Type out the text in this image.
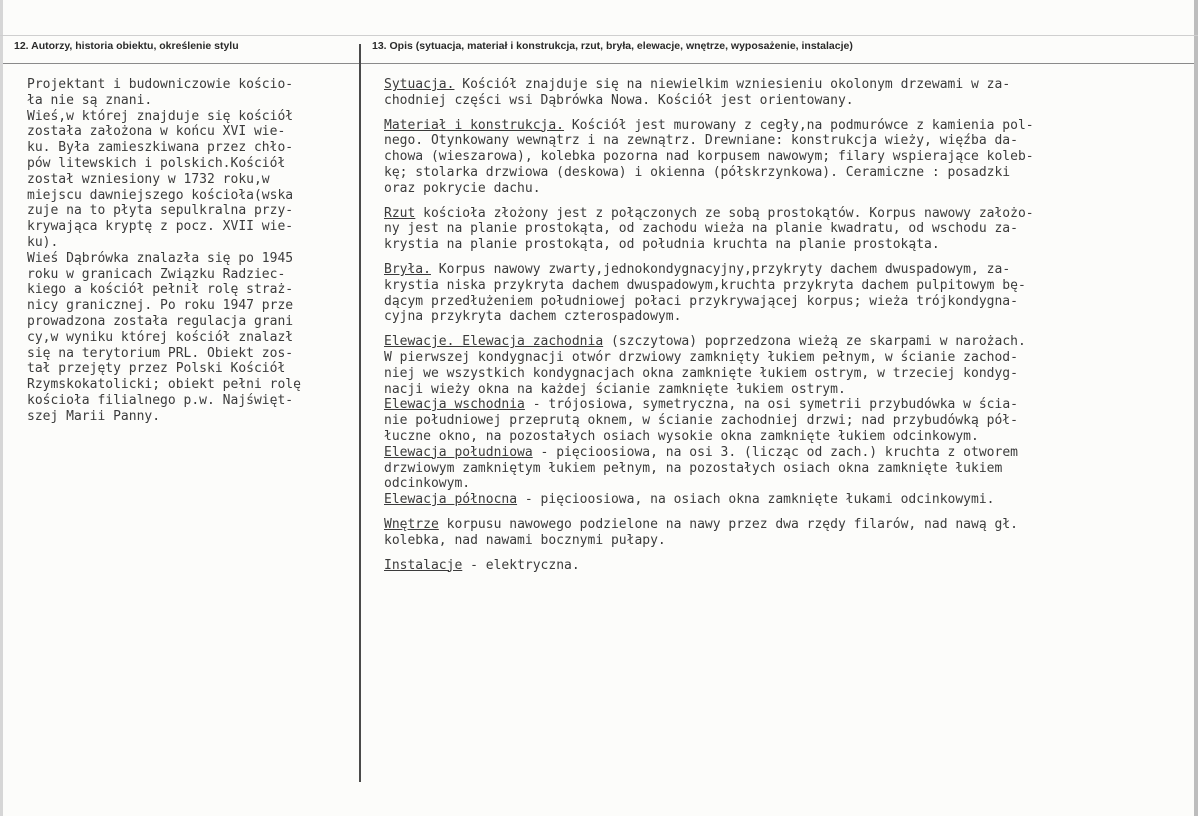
12. Autorzy, historia obiektu, określenie stylu	13. Opis (sytuacja, materiał i konstrukcja, rzut, bryła, elewacje, wnętrze, wyposażenie, instalacje)
Projektant i budowniczowie kościo-
ła nie są znani.
Wieś,w której znajduje się kościół
została założona w końcu XVI wie-
ku. Była zamieszkiwana przez chło-
pów litewskich i polskich.Kościół
został wzniesiony w 1732 roku,w
miejscu dawniejszego kościoła(wska
zuje na to płyta sepulkralna przy-
krywająca kryptę z pocz. XVII wie-
ku).
Wieś Dąbrówka znalazła się po 1945
roku w granicach Związku Radziec-
kiego a kościół pełnił rolę straż-
nicy granicznej. Po roku 1947 prze
prowadzona została regulacja grani
cy,w wyniku której kościół znalazł
się na terytorium PRL. Obiekt zos-
tał przejęty przez Polski Kościół
Rzymskokatolicki; obiekt pełni rolę
kościoła filialnego p.w. Najświęt-
szej Marii Panny.
Sytuacja. Kościół znajduje się na niewielkim wzniesieniu okolonym drzewami w za-
chodniej części wsi Dąbrówka Nowa. Kościół jest orientowany.
Materiał i konstrukcja. Kościół jest murowany z cegły,na podmurówce z kamienia pol-
nego. Otynkowany wewnątrz i na zewnątrz. Drewniane: konstrukcja wieży, więźba da-
chowa (wieszarowa), kolebka pozorna nad korpusem nawowym; filary wspierające koleb-
kę; stolarka drzwiowa (deskowa) i okienna (półskrzynkowa). Ceramiczne : posadzki
oraz pokrycie dachu.
Rzut kościoła złożony jest z połączonych ze sobą prostokątów. Korpus nawowy założo-
ny jest na planie prostokąta, od zachodu wieża na planie kwadratu, od wschodu za-
krystia na planie prostokąta, od południa kruchta na planie prostokąta.
Bryła. Korpus nawowy zwarty,jednokondygnacyjny,przykryty dachem dwuspadowym, za-
krystia niska przykryta dachem dwuspadowym,kruchta przykryta dachem pulpitowym bę-
dącym przedłużeniem południowej połaci przykrywającej korpus; wieża trójkondygna-
cyjna przykryta dachem czterospadowym.
Elewacje. Elewacja zachodnia (szczytowa) poprzedzona wieżą ze skarpami w narożach.
W pierwszej kondygnacji otwór drzwiowy zamknięty łukiem pełnym, w ścianie zachod-
niej we wszystkich kondygnacjach okna zamknięte łukiem ostrym, w trzeciej kondyg-
nacji wieży okna na każdej ścianie zamknięte łukiem ostrym.
Elewacja wschodnia - trójosiowa, symetryczna, na osi symetrii przybudówka w ścia-
nie południowej przeprutą oknem, w ścianie zachodniej drzwi; nad przybudówką pół-
łuczne okno, na pozostałych osiach wysokie okna zamknięte łukiem odcinkowym.
Elewacja południowa - pięcioosiowa, na osi 3. (licząc od zach.) kruchta z otworem
drzwiowym zamkniętym łukiem pełnym, na pozostałych osiach okna zamknięte łukiem
odcinkowym.
Elewacja północna - pięcioosiowa, na osiach okna zamknięte łukami odcinkowymi.
Wnętrze korpusu nawowego podzielone na nawy przez dwa rzędy filarów, nad nawą gł.
kolebka, nad nawami bocznymi pułapy.
Instalacje - elektryczna.
